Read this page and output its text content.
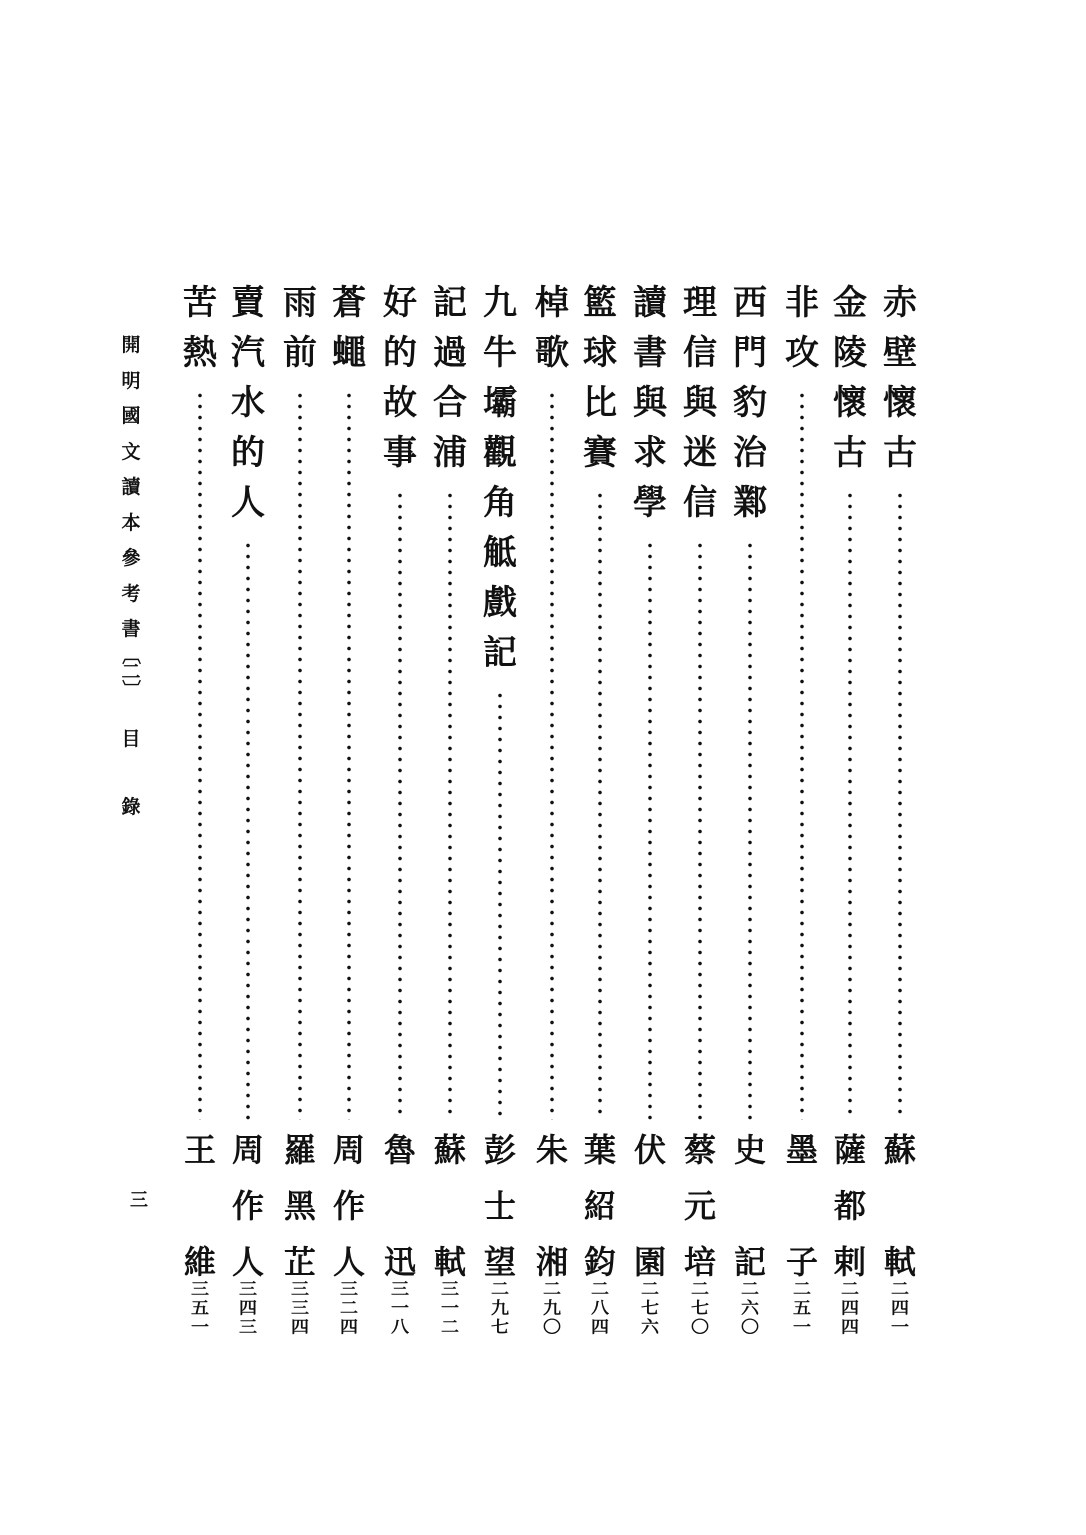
開
明
國
文
讀
本
參
考
書
〔
二
〕
目
錄
三
赤
壁
懷
古
蘇
軾
二
四
一
金
陵
懷
古
薩
都
剌
二
四
四
非
攻
墨
子
二
五
一
西
門
豹
治
鄴
史
記
二
六
〇
理
信
與
迷
信
蔡
元
培
二
七
〇
讀
書
與
求
學
伏
園
二
七
六
籃
球
比
賽
葉
紹
鈞
二
八
四
棹
歌
朱
湘
二
九
〇
九
牛
壩
觀
角
觝
戲
記
彭
士
望
二
九
七
記
過
合
浦
蘇
軾
三
一
二
好
的
故
事
魯
迅
三
一
八
蒼
蠅
周
作
人
三
二
四
雨
前
羅
黑
芷
三
三
四
賣
汽
水
的
人
周
作
人
三
四
三
苦
熱
王
維
三
五
一
